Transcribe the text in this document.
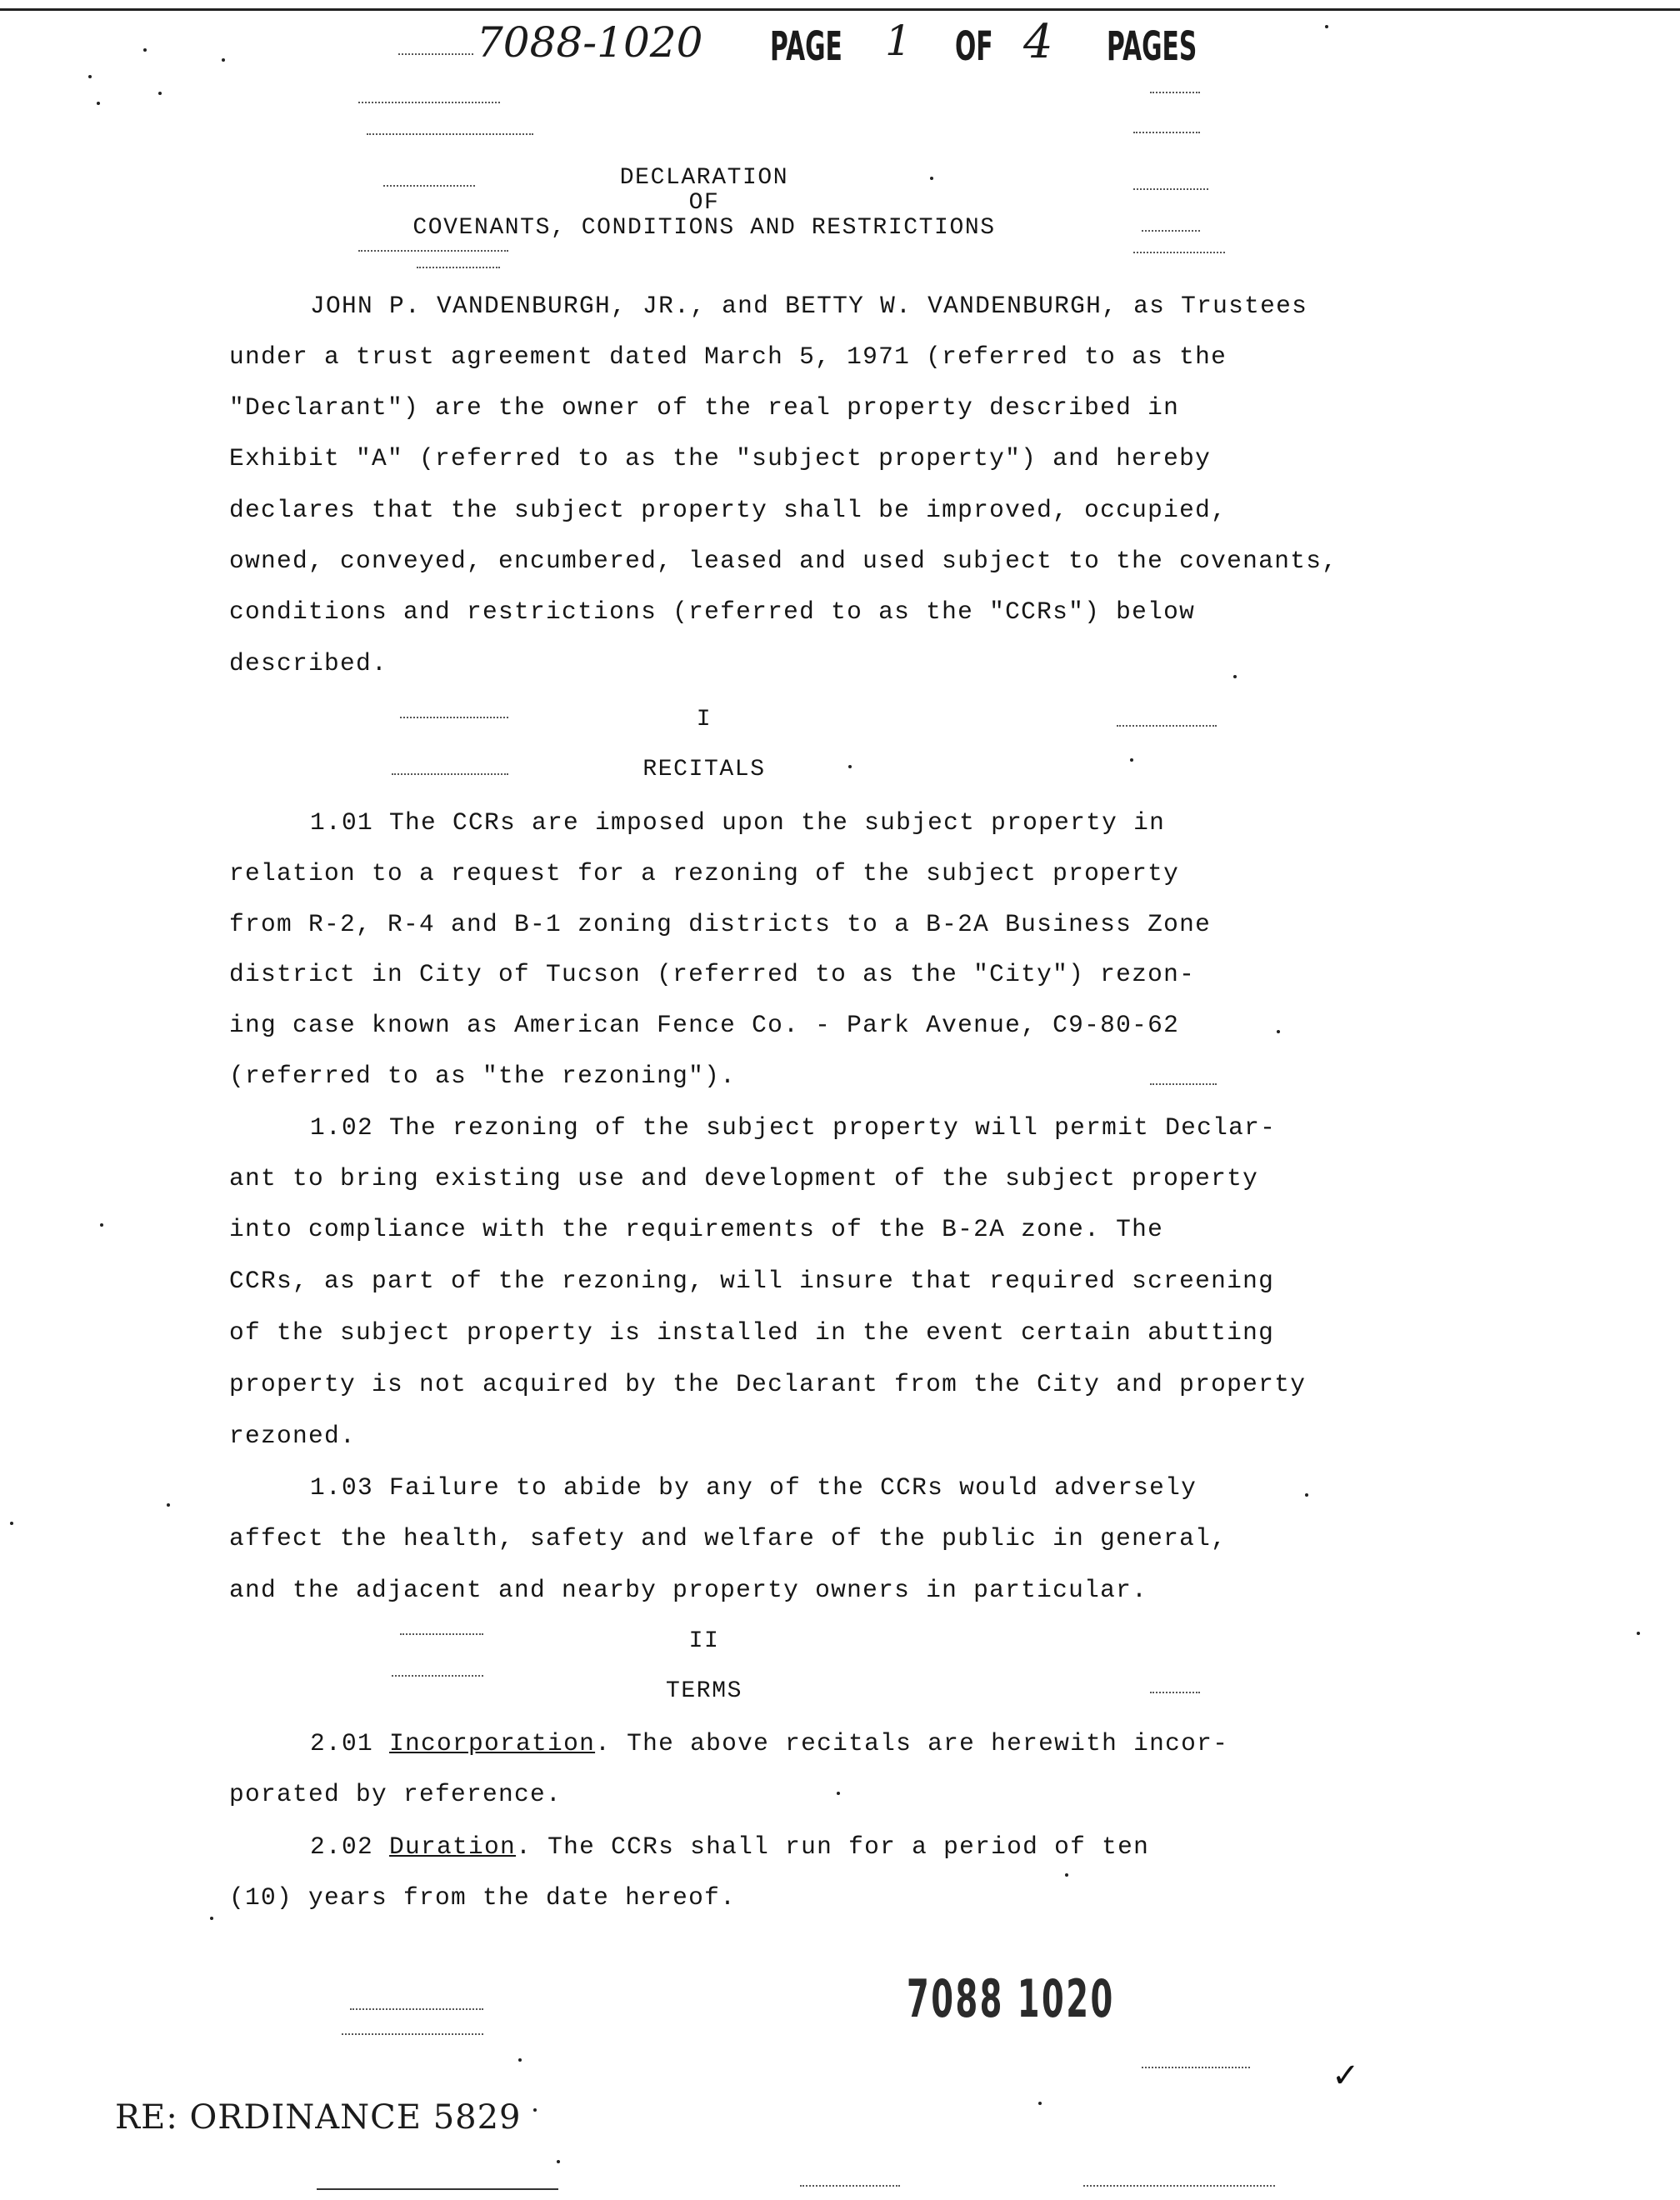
7088-1020 PAGE 1 OF 4 PAGES
DECLARATION
OF
COVENANTS, CONDITIONS AND RESTRICTIONS
JOHN P. VANDENBURGH, JR., and BETTY W. VANDENBURGH, as Trustees
under a trust agreement dated March 5, 1971 (referred to as the
"Declarant") are the owner of the real property described in
Exhibit "A" (referred to as the "subject property") and hereby
declares that the subject property shall be improved, occupied,
owned, conveyed, encumbered, leased and used subject to the covenants,
conditions and restrictions (referred to as the "CCRs") below
described.
I
RECITALS
1.01 The CCRs are imposed upon the subject property in
relation to a request for a rezoning of the subject property
from R-2, R-4 and B-1 zoning districts to a B-2A Business Zone
district in City of Tucson (referred to as the "City") rezon-
ing case known as American Fence Co. - Park Avenue, C9-80-62
(referred to as "the rezoning").
1.02 The rezoning of the subject property will permit Declar-
ant to bring existing use and development of the subject property
into compliance with the requirements of the B-2A zone. The
CCRs, as part of the rezoning, will insure that required screening
of the subject property is installed in the event certain abutting
property is not acquired by the Declarant from the City and property
rezoned.
1.03 Failure to abide by any of the CCRs would adversely
affect the health, safety and welfare of the public in general,
and the adjacent and nearby property owners in particular.
II
TERMS
2.01 Incorporation. The above recitals are herewith incor-
porated by reference.
2.02 Duration. The CCRs shall run for a period of ten
(10) years from the date hereof.
7088 1020
RE: ORDINANCE 5829
✓
